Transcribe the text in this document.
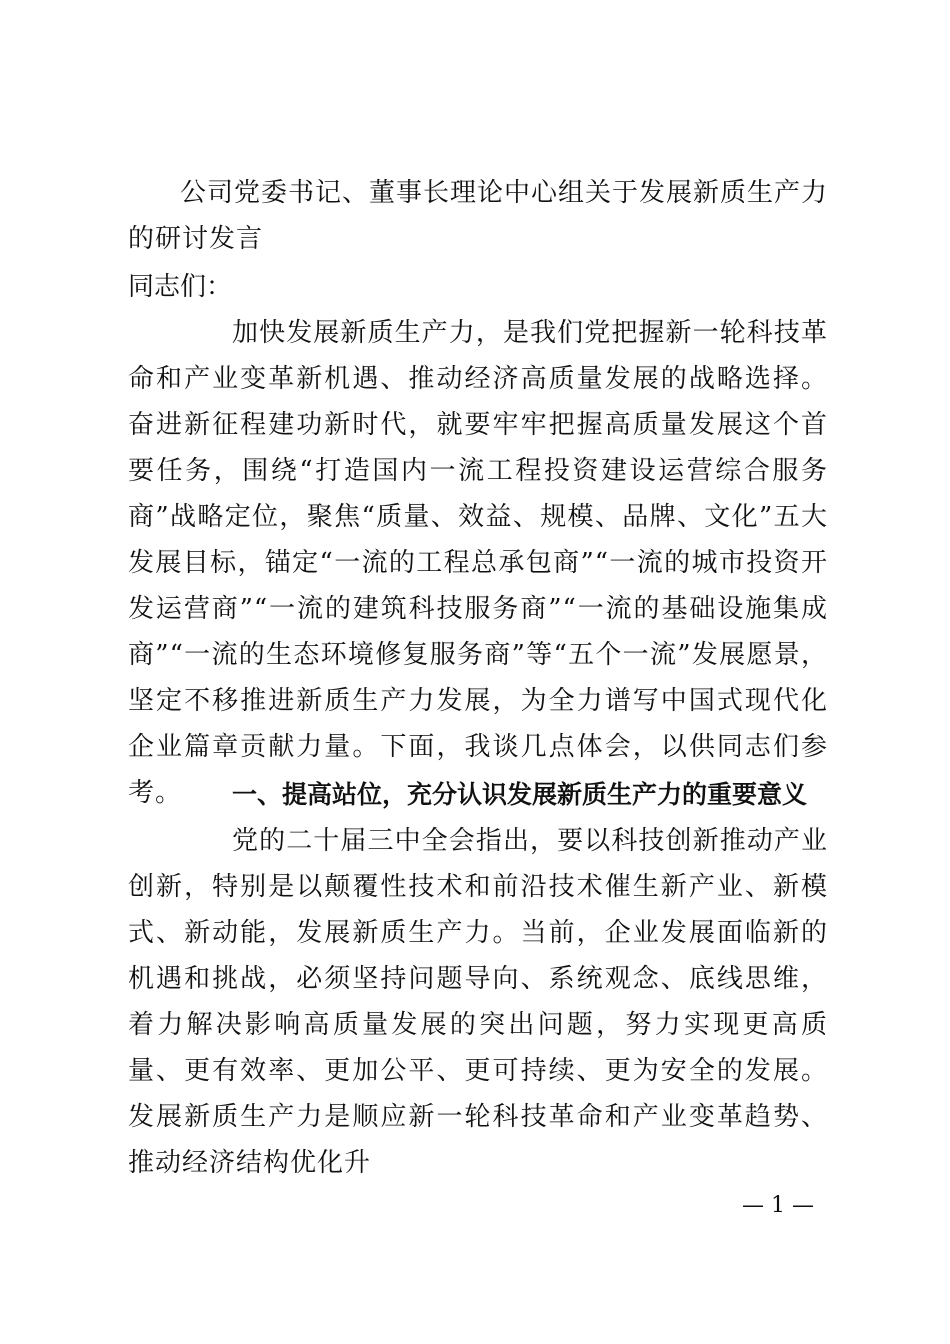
公司党委书记、董事长理论中心组关于发展新质生产力的研讨发言

同志们：

加快发展新质生产力，是我们党把握新一轮科技革命和产业变革新机遇、推动经济高质量发展的战略选择。奋进新征程建功新时代，就要牢牢把握高质量发展这个首要任务，围绕“打造国内一流工程投资建设运营综合服务商”战略定位，聚焦“质量、效益、规模、品牌、文化”五大发展目标，锚定“一流的工程总承包商”“一流的城市投资开发运营商”“一流的建筑科技服务商”“一流的基础设施集成商”“一流的生态环境修复服务商”等“五个一流”发展愿景，坚定不移推进新质生产力发展，为全力谱写中国式现代化企业篇章贡献力量。下面，我谈几点体会，以供同志们参考。	一、提高站位，充分认识发展新质生产力的重要意义

党的二十届三中全会指出，要以科技创新推动产业创新，特别是以颠覆性技术和前沿技术催生新产业、新模式、新动能，发展新质生产力。当前，企业发展面临新的机遇和挑战，必须坚持问题导向、系统观念、底线思维，着力解决影响高质量发展的突出问题，努力实现更高质量、更有效率、更加公平、更可持续、更为安全的发展。发展新质生产力是顺应新一轮科技革命和产业变革趋势、推动经济结构优化升

— 1 —
